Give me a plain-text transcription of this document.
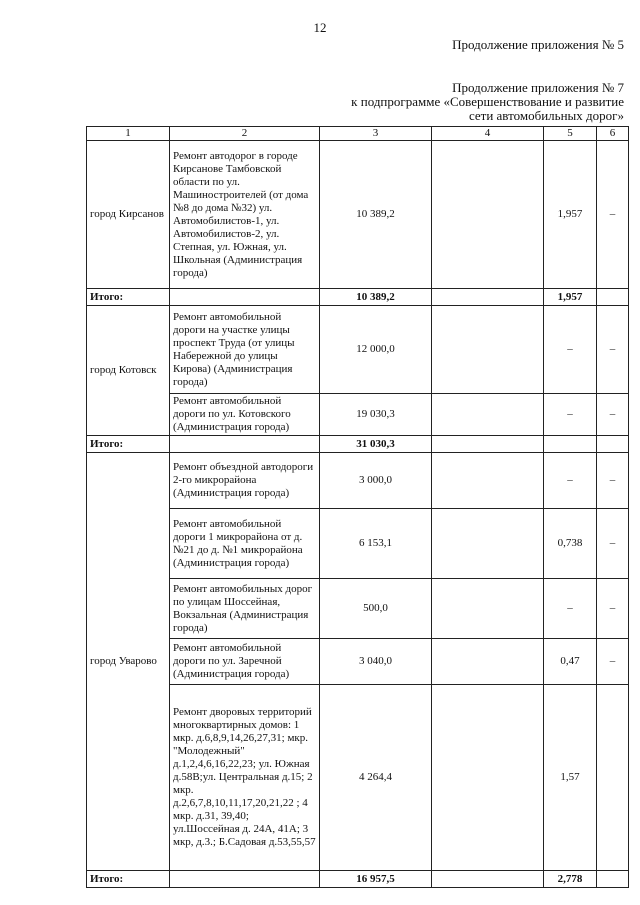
12
Продолжение приложения № 5
Продолжение приложения № 7
к подпрограмме «Совершенствование и развитие
сети автомобильных дорог»
1	2	3	4	5	6
город Кирсанов	Ремонт автодорог в городе Кирсанове Тамбовской области по ул. Машиностроителей (от дома №8 до дома №32) ул. Автомобилистов-1, ул. Автомобилистов-2, ул. Степная, ул. Южная, ул. Школьная (Администрация города)	10 389,2		1,957	–
Итого:		10 389,2		1,957	
город Котовск	Ремонт автомобильной дороги на участке улицы проспект Труда (от улицы Набережной до улицы Кирова) (Администрация города)	12 000,0		–	–
	Ремонт автомобильной дороги по ул. Котовского (Администрация города)	19 030,3		–	–
Итого:		31 030,3			
город Уварово	Ремонт объездной автодороги 2-го микрорайона (Администрация города)	3 000,0		–	–
	Ремонт автомобильной дороги 1 микрорайона от д. №21 до д. №1 микрорайона (Администрация города)	6 153,1		0,738	–
	Ремонт автомобильных дорог по улицам Шоссейная, Вокзальная (Администрация города)	500,0		–	–
	Ремонт автомобильной дороги по ул. Заречной (Администрация города)	3 040,0		0,47	–
	Ремонт дворовых территорий многоквартирных домов: 1 мкр. д.6,8,9,14,26,27,31; мкр. "Молодежный" д.1,2,4,6,16,22,23; ул. Южная д.58В;ул. Центральная д.15; 2 мкр. д.2,6,7,8,10,11,17,20,21,22 ; 4 мкр. д.31, 39,40; ул.Шоссейная д. 24А, 41А; 3 мкр, д.3.; Б.Садовая д.53,55,57	4 264,4		1,57	
Итого:		16 957,5		2,778	
